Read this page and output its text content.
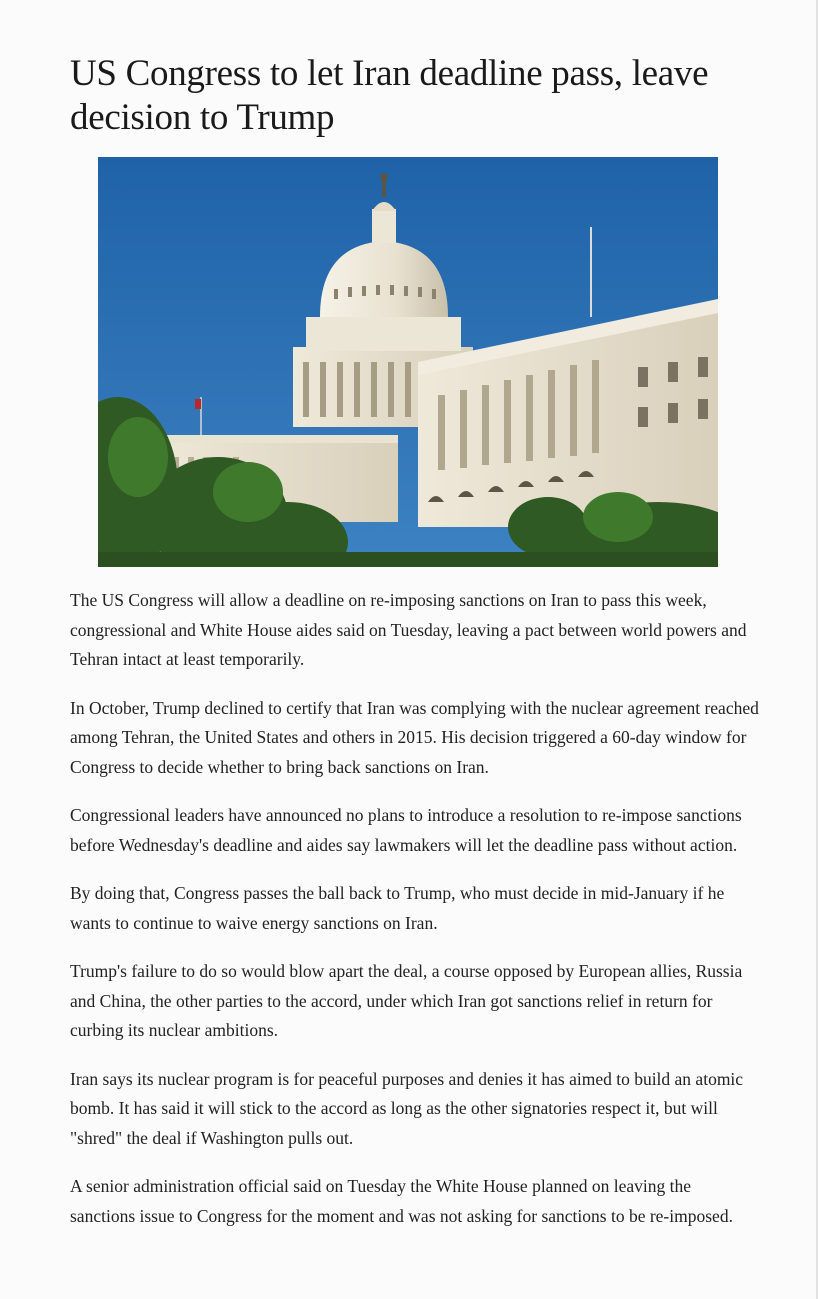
US Congress to let Iran deadline pass, leave decision to Trump

The US Congress will allow a deadline on re-imposing sanctions on Iran to pass this week, congressional and White House aides said on Tuesday, leaving a pact between world powers and Tehran intact at least temporarily.

In October, Trump declined to certify that Iran was complying with the nuclear agreement reached among Tehran, the United States and others in 2015. His decision triggered a 60-day window for Congress to decide whether to bring back sanctions on Iran.

Congressional leaders have announced no plans to introduce a resolution to re-impose sanctions before Wednesday's deadline and aides say lawmakers will let the deadline pass without action.

By doing that, Congress passes the ball back to Trump, who must decide in mid-January if he wants to continue to waive energy sanctions on Iran.

Trump's failure to do so would blow apart the deal, a course opposed by European allies, Russia and China, the other parties to the accord, under which Iran got sanctions relief in return for curbing its nuclear ambitions.

Iran says its nuclear program is for peaceful purposes and denies it has aimed to build an atomic bomb. It has said it will stick to the accord as long as the other signatories respect it, but will "shred" the deal if Washington pulls out.

A senior administration official said on Tuesday the White House planned on leaving the sanctions issue to Congress for the moment and was not asking for sanctions to be re-imposed.
